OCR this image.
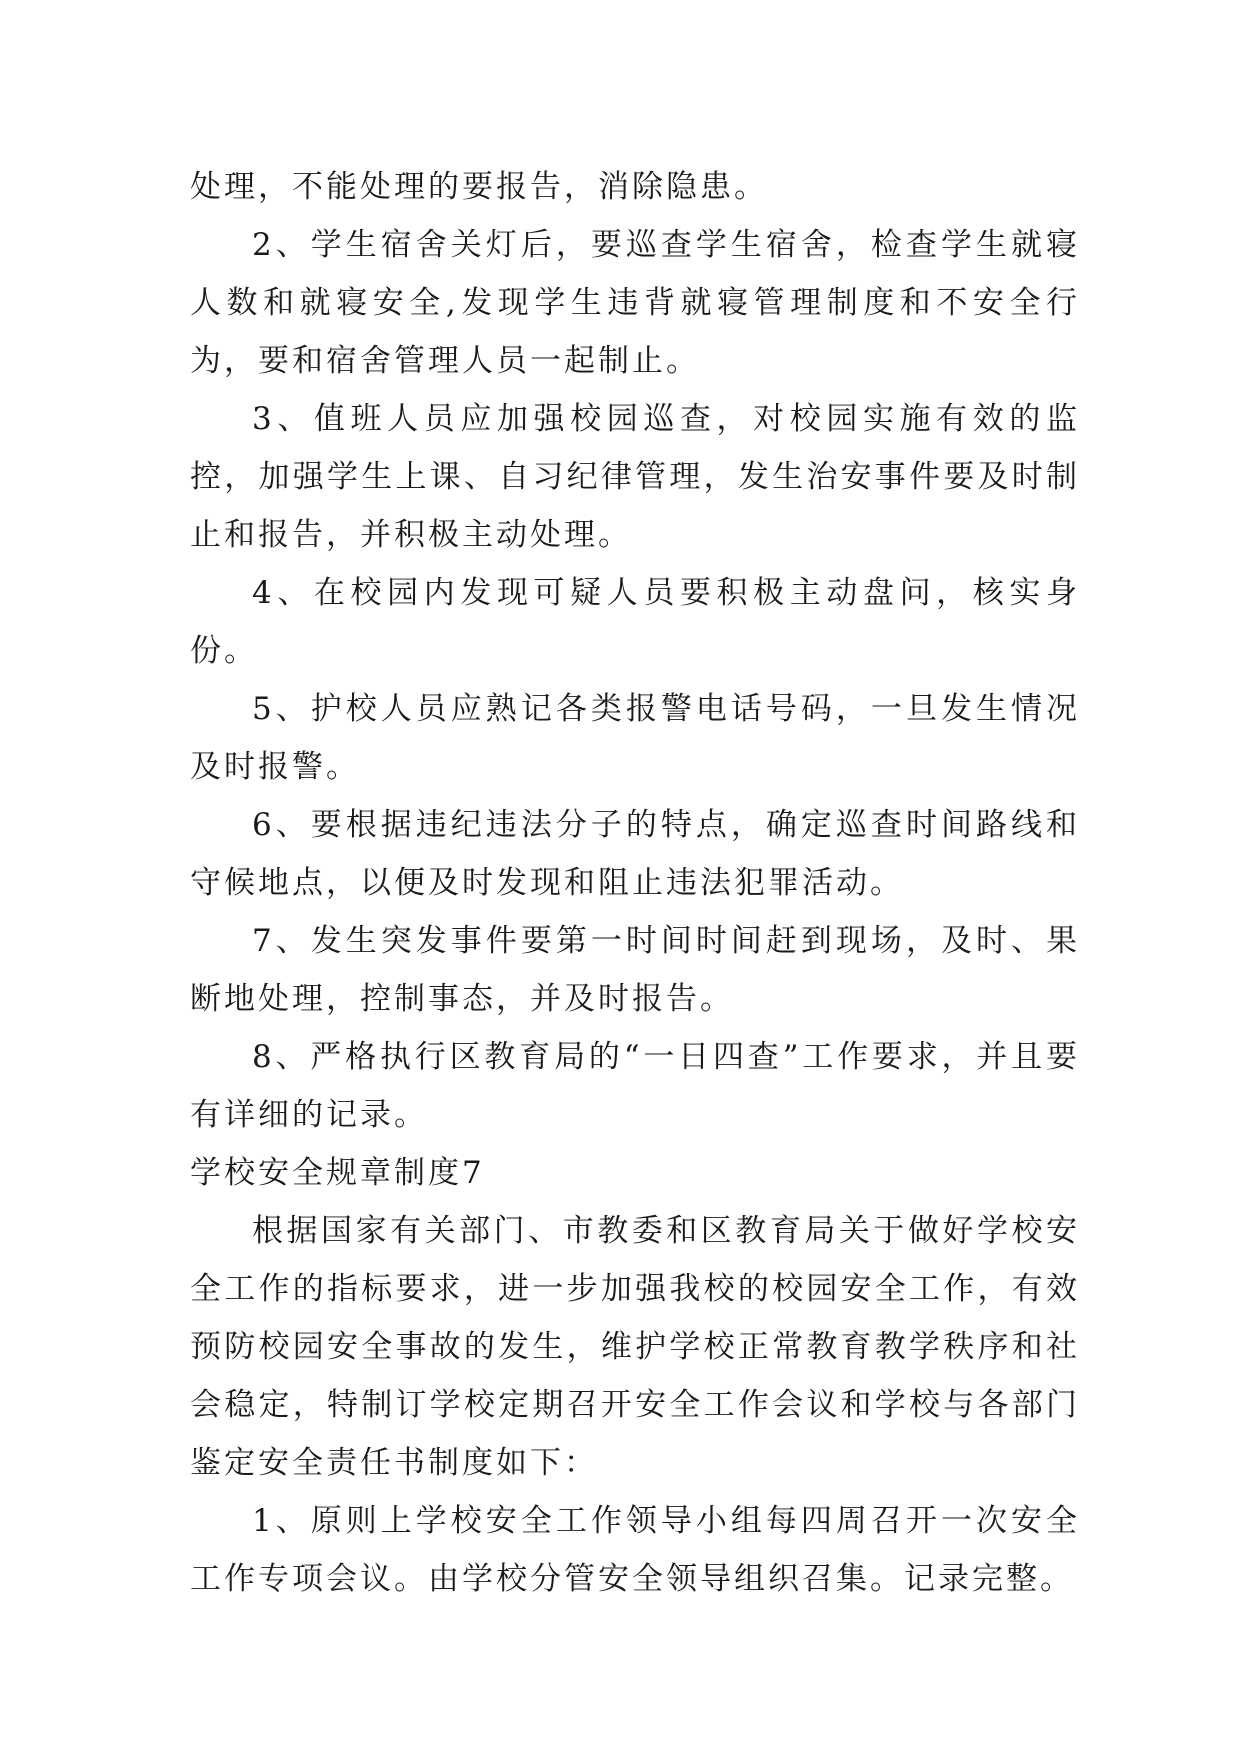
处理，不能处理的要报告，消除隐患。

2、学生宿舍关灯后，要巡查学生宿舍，检查学生就寝人数和就寝安全,发现学生违背就寝管理制度和不安全行为，要和宿舍管理人员一起制止。

3、值班人员应加强校园巡查，对校园实施有效的监控，加强学生上课、自习纪律管理，发生治安事件要及时制止和报告，并积极主动处理。

4、在校园内发现可疑人员要积极主动盘问，核实身份。

5、护校人员应熟记各类报警电话号码，一旦发生情况及时报警。

6、要根据违纪违法分子的特点，确定巡查时间路线和守候地点，以便及时发现和阻止违法犯罪活动。

7、发生突发事件要第一时间时间赶到现场，及时、果断地处理，控制事态，并及时报告。

8、严格执行区教育局的“一日四查”工作要求，并且要有详细的记录。

学校安全规章制度7

根据国家有关部门、市教委和区教育局关于做好学校安全工作的指标要求，进一步加强我校的校园安全工作，有效预防校园安全事故的发生，维护学校正常教育教学秩序和社会稳定，特制订学校定期召开安全工作会议和学校与各部门鉴定安全责任书制度如下：

1、原则上学校安全工作领导小组每四周召开一次安全工作专项会议。由学校分管安全领导组织召集。记录完整。
